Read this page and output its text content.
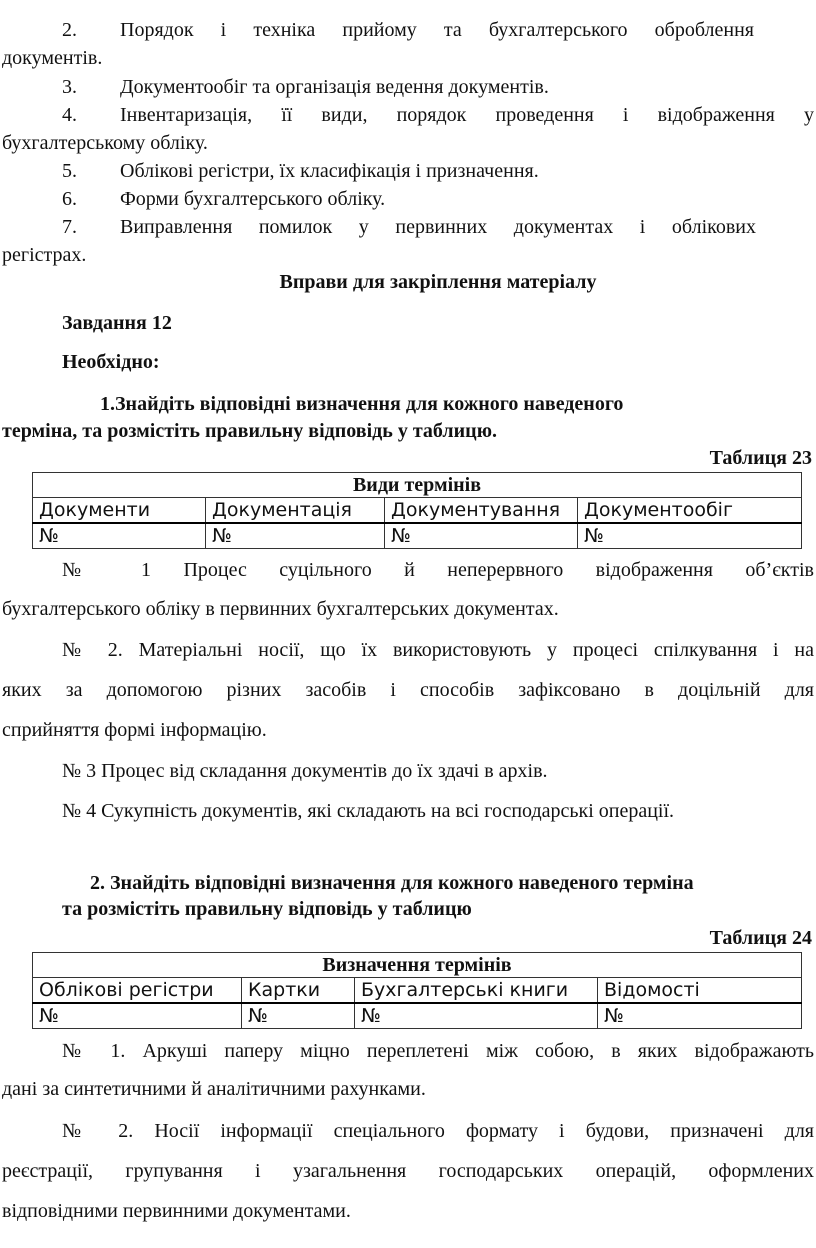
2. Порядок і техніка прийому та бухгалтерського оброблення
документів.
3. Документообіг та організація ведення документів.
4. Інвентаризація, її види, порядок проведення і відображення у
бухгалтерському обліку.
5. Облікові регістри, їх класифікація і призначення.
6. Форми бухгалтерського обліку.
7. Виправлення помилок у первинних документах і облікових
регістрах.
Вправи для закріплення матеріалу
Завдання 12
Необхідно:
1.Знайдіть відповідні визначення для кожного наведеного
терміна, та розмістіть правильну відповідь у таблицю.
Таблиця 23
Види термінів			
Документи	Документація	Документування	Документообіг
№	№	№	№
№ 1 Процес суцільного й неперервного відображення об’єктів
бухгалтерського обліку в первинних бухгалтерських документах.
№ 2. Матеріальні носії, що їх використовують у процесі спілкування і на
яких за допомогою різних засобів і способів зафіксовано в доцільній для
сприйняття формі інформацію.
№ 3 Процес від складання документів до їх здачі в архів.
№ 4 Сукупність документів, які складають на всі господарські операції.
2. Знайдіть відповідні визначення для кожного наведеного терміна
та розмістіть правильну відповідь у таблицю
Таблиця 24
Визначення термінів			
Облікові регістри	Картки	Бухгалтерські книги	Відомості
№	№	№	№
№ 1. Аркуші паперу міцно переплетені між собою, в яких відображають
дані за синтетичними й аналітичними рахунками.
№ 2. Носії інформації спеціального формату і будови, призначені для
реєстрації, групування і узагальнення господарських операцій, оформлених
відповідними первинними документами.
